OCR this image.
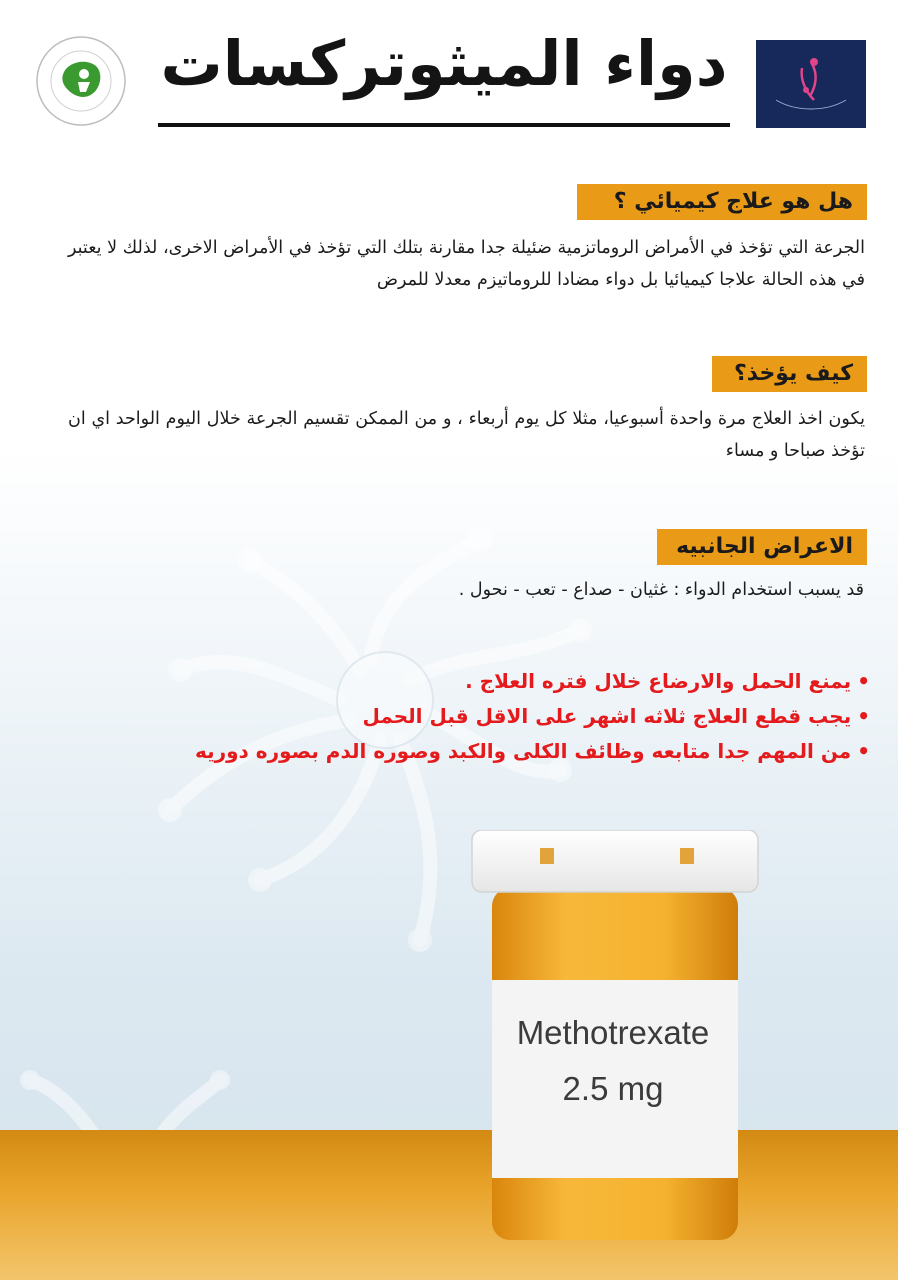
دواء الميثوتركسات
هل هو علاج كيميائي ؟
الجرعة التي تؤخذ في الأمراض الروماتزمية ضئيلة جدا مقارنة بتلك التي تؤخذ في الأمراض الاخرى، لذلك لا يعتبر في هذه الحالة علاجا كيميائيا بل دواء مضادا للروماتيزم معدلا للمرض
كيف يؤخذ؟
يكون اخذ العلاج مرة واحدة أسبوعيا، مثلا كل يوم أربعاء ، و من الممكن تقسيم الجرعة خلال اليوم الواحد اي ان تؤخذ صباحا و مساء
الاعراض الجانبيه
قد يسبب استخدام الدواء : غثيان - صداع - تعب - نحول .
•يمنع الحمل والارضاع خلال فتره العلاج .
•يجب قطع العلاج ثلاثه اشهر على الاقل قبل الحمل
•من المهم جدا متابعه وظائف الكلى والكبد وصوره الدم بصوره دوريه
Methotrexate
2.5 mg
